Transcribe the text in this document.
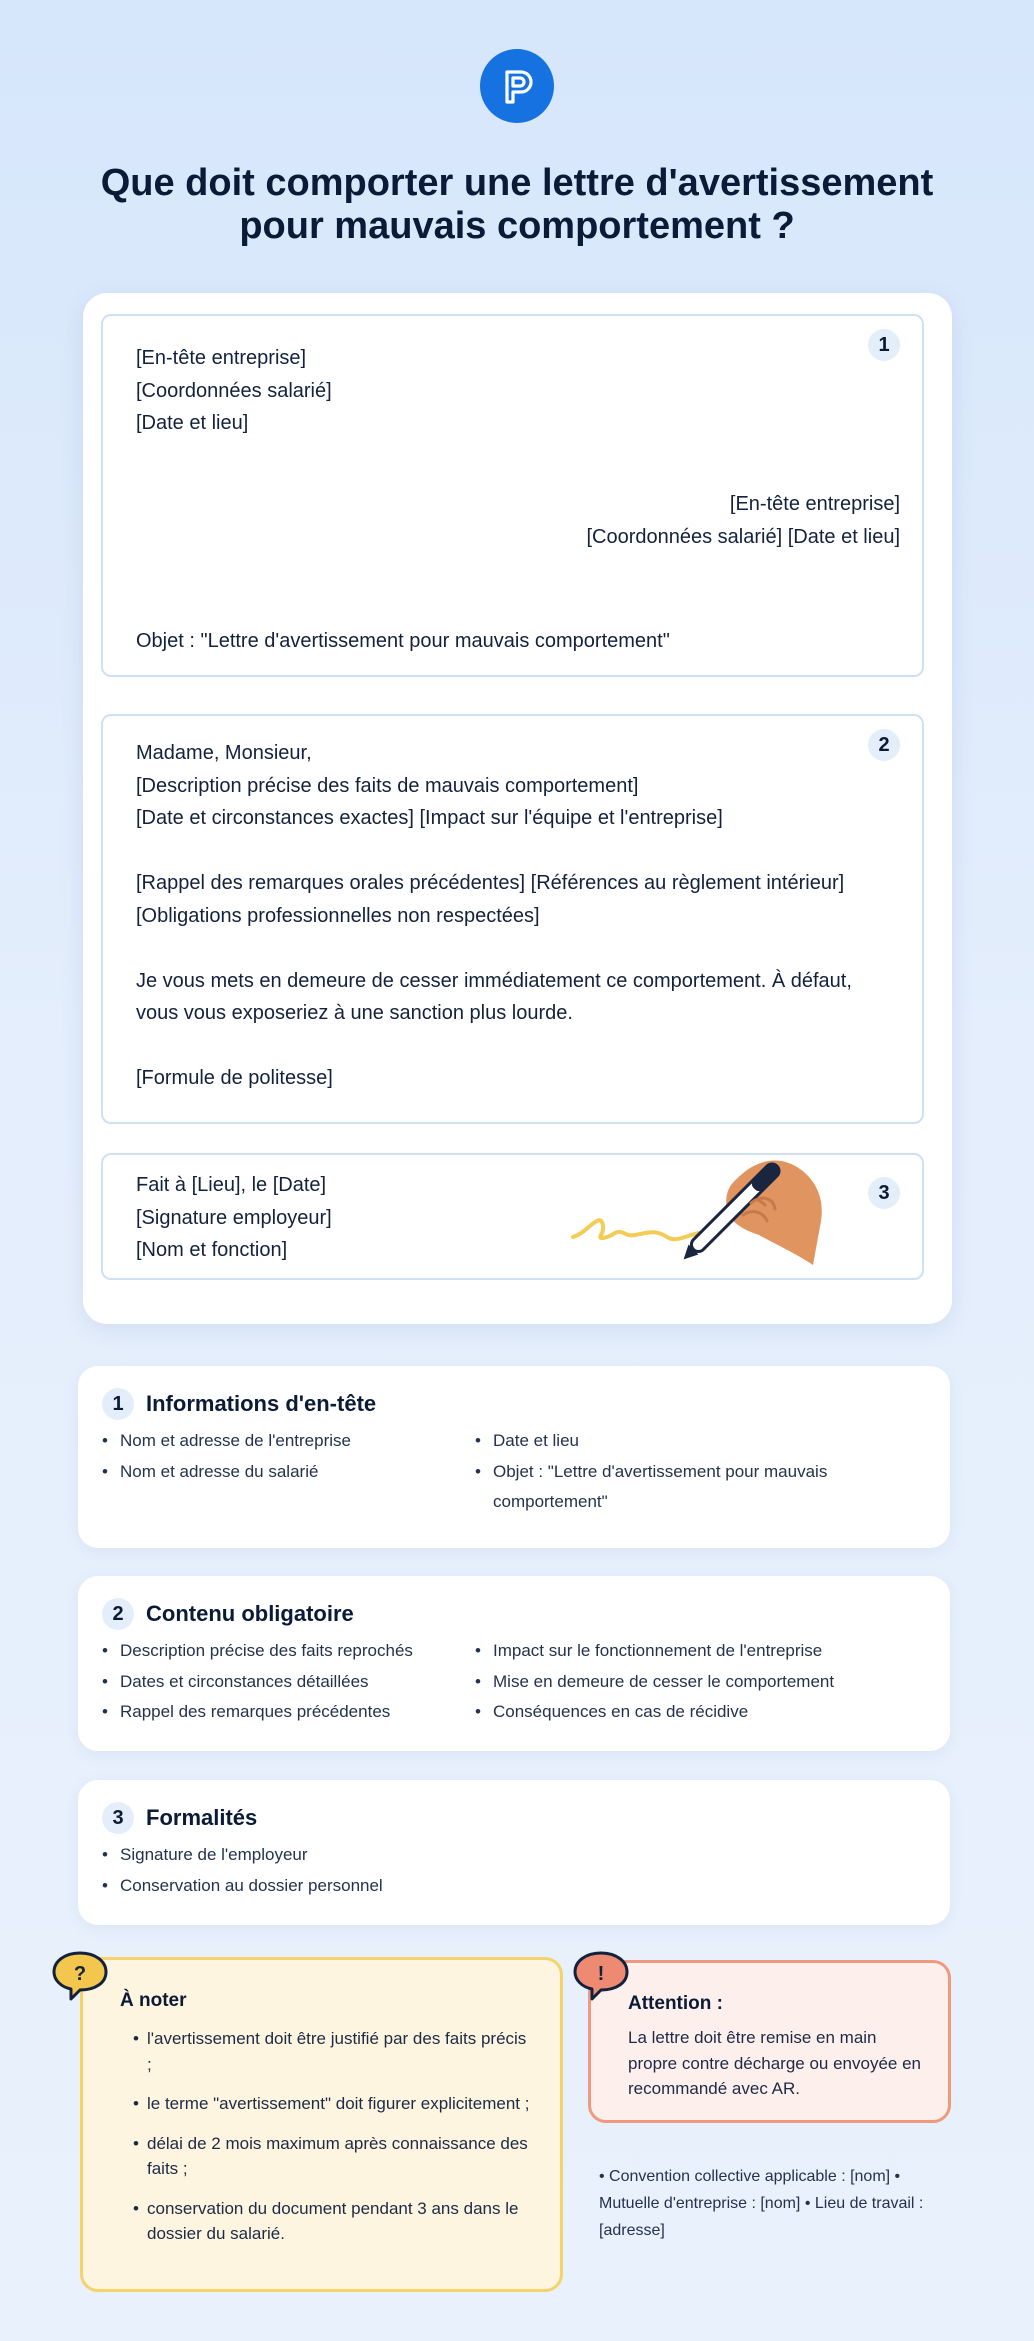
Que doit comporter une lettre d'avertissement
pour mauvais comportement ?
1
[En-tête entreprise]
[Coordonnées salarié]
[Date et lieu]
[En-tête entreprise]
[Coordonnées salarié] [Date et lieu]
Objet : "Lettre d'avertissement pour mauvais comportement"
2
Madame, Monsieur,
[Description précise des faits de mauvais comportement]
[Date et circonstances exactes] [Impact sur l'équipe et l'entreprise]

[Rappel des remarques orales précédentes] [Références au règlement intérieur]
[Obligations professionnelles non respectées]

Je vous mets en demeure de cesser immédiatement ce comportement. À défaut,
vous vous exposeriez à une sanction plus lourde.

[Formule de politesse]
3
Fait à [Lieu], le [Date]
[Signature employeur]
[Nom et fonction]
1	Informations d'en-tête
• Nom et adresse de l'entreprise
• Nom et adresse du salarié
• Date et lieu
• Objet : "Lettre d'avertissement pour mauvais
comportement"
2	Contenu obligatoire
• Description précise des faits reprochés
• Dates et circonstances détaillées
• Rappel des remarques précédentes
• Impact sur le fonctionnement de l'entreprise
• Mise en demeure de cesser le comportement
• Conséquences en cas de récidive
3	Formalités
• Signature de l'employeur
• Conservation au dossier personnel
À noter
• l'avertissement doit être justifié par des faits précis ;
• le terme "avertissement" doit figurer explicitement ;
• délai de 2 mois maximum après connaissance des faits ;
• conservation du document pendant 3 ans dans le dossier du salarié.
?
Attention :
La lettre doit être remise en main propre contre décharge ou envoyée en recommandé avec AR.
!
• Convention collective applicable : [nom] • Mutuelle d'entreprise : [nom] • Lieu de travail : [adresse]
